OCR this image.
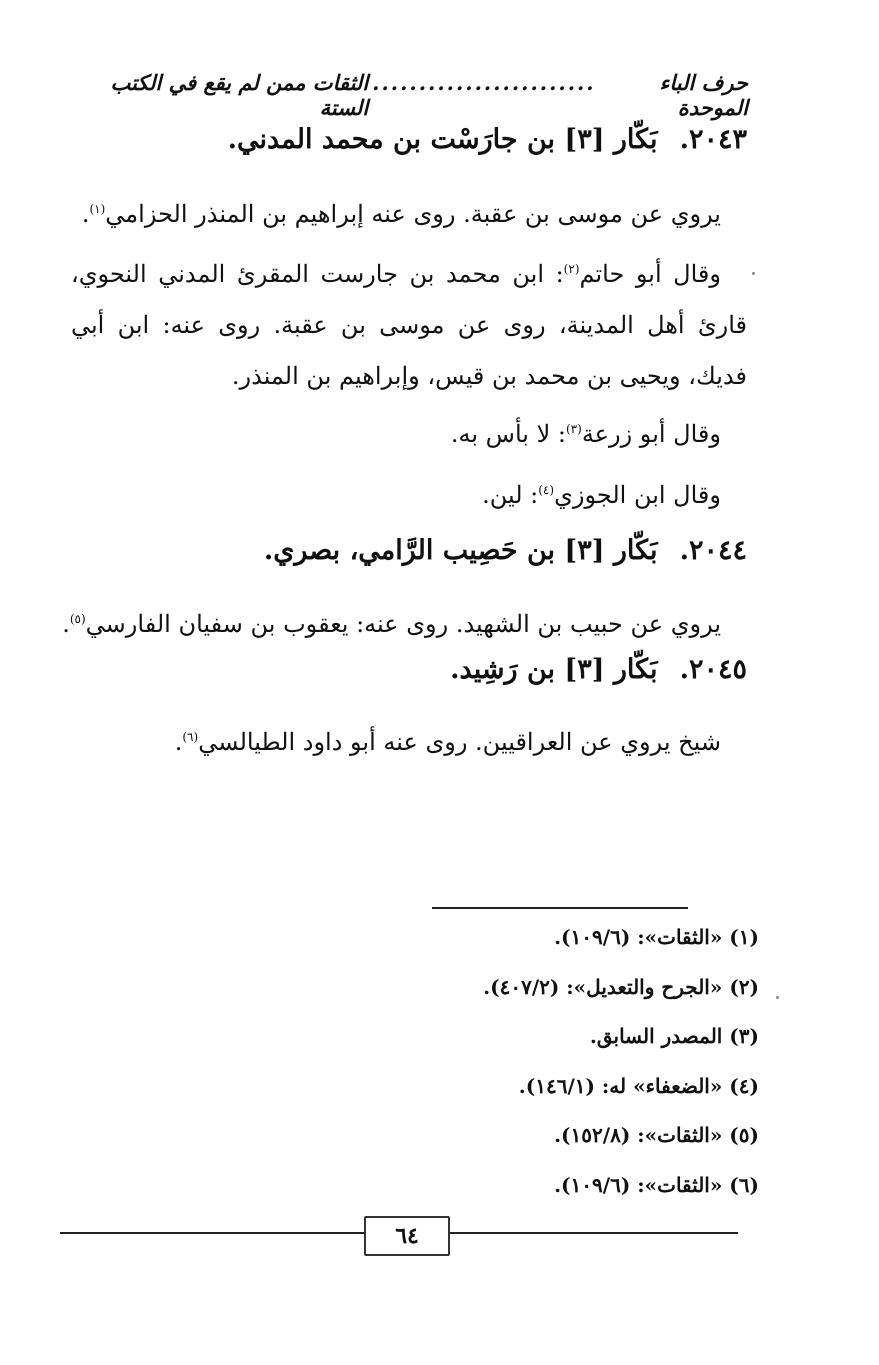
حرف الباء الموحدة
........................
الثقات ممن لم يقع في الكتب الستة
٢٠٤٣.بَكّار [٣] بن جارَسْت بن محمد المدني.
يروي عن موسى بن عقبة. روى عنه إبراهيم بن المنذر الحزامي$^{(١)}$.
وقال أبو حاتم$^{(٢)}$: ابن محمد بن جارست المقرئ المدني النحوي، قارئ أهل المدينة، روى عن موسى بن عقبة. روى عنه: ابن أبي فديك، ويحيى بن محمد بن قيس، وإبراهيم بن المنذر.
وقال أبو زرعة$^{(٣)}$: لا بأس به.
وقال ابن الجوزي$^{(٤)}$: لين.
٢٠٤٤.بَكّار [٣] بن حَصِيب الرَّامي، بصري.
يروي عن حبيب بن الشهيد. روى عنه: يعقوب بن سفيان الفارسي$^{(٥)}$.
٢٠٤٥.بَكّار [٣] بن رَشِيد.
شيخ يروي عن العراقيين. روى عنه أبو داود الطيالسي$^{(٦)}$.
(١) «الثقات»: (١٠٩/٦).
(٢) «الجرح والتعديل»: (٤٠٧/٢).
(٣) المصدر السابق.
(٤) «الضعفاء» له: (١٤٦/١).
(٥) «الثقات»: (١٥٢/٨).
(٦) «الثقات»: (١٠٩/٦).
٦٤
